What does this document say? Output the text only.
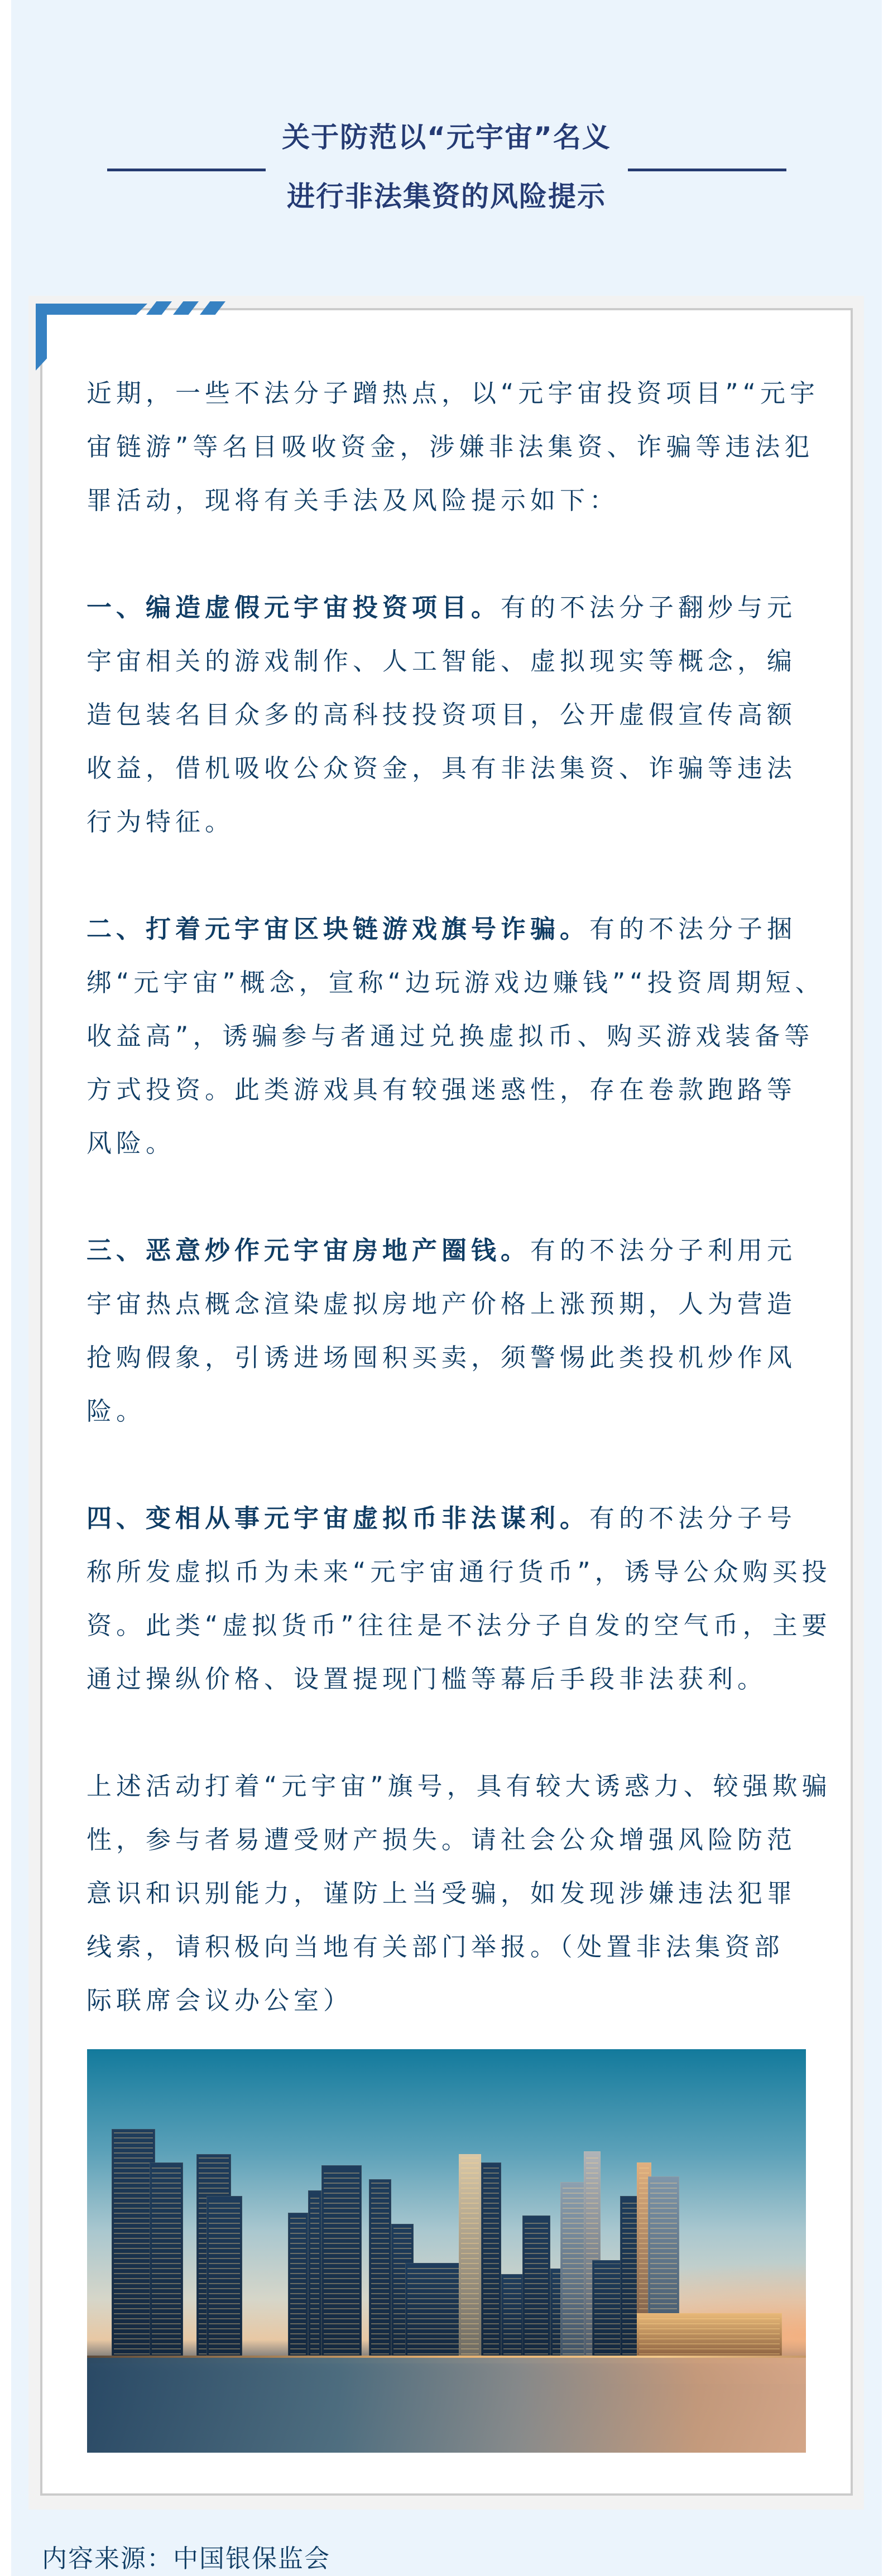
关于防范以“元宇宙”名义
进行非法集资的风险提示

近期，一些不法分子蹭热点，以“元宇宙投资项目”“元宇
宙链游”等名目吸收资金，涉嫌非法集资、诈骗等违法犯
罪活动，现将有关手法及风险提示如下：

一、编造虚假元宇宙投资项目。有的不法分子翻炒与元
宇宙相关的游戏制作、人工智能、虚拟现实等概念，编
造包装名目众多的高科技投资项目，公开虚假宣传高额
收益，借机吸收公众资金，具有非法集资、诈骗等违法
行为特征。

二、打着元宇宙区块链游戏旗号诈骗。有的不法分子捆
绑“元宇宙”概念，宣称“边玩游戏边赚钱”“投资周期短、
收益高”，诱骗参与者通过兑换虚拟币、购买游戏装备等
方式投资。此类游戏具有较强迷惑性，存在卷款跑路等
风险。

三、恶意炒作元宇宙房地产圈钱。有的不法分子利用元
宇宙热点概念渲染虚拟房地产价格上涨预期，人为营造
抢购假象，引诱进场囤积买卖，须警惕此类投机炒作风
险。

四、变相从事元宇宙虚拟币非法谋利。有的不法分子号
称所发虚拟币为未来“元宇宙通行货币”，诱导公众购买投
资。此类“虚拟货币”往往是不法分子自发的空气币，主要
通过操纵价格、设置提现门槛等幕后手段非法获利。

上述活动打着“元宇宙”旗号，具有较大诱惑力、较强欺骗
性，参与者易遭受财产损失。请社会公众增强风险防范
意识和识别能力，谨防上当受骗，如发现涉嫌违法犯罪
线索，请积极向当地有关部门举报。（处置非法集资部
际联席会议办公室）

内容来源：中国银保监会
